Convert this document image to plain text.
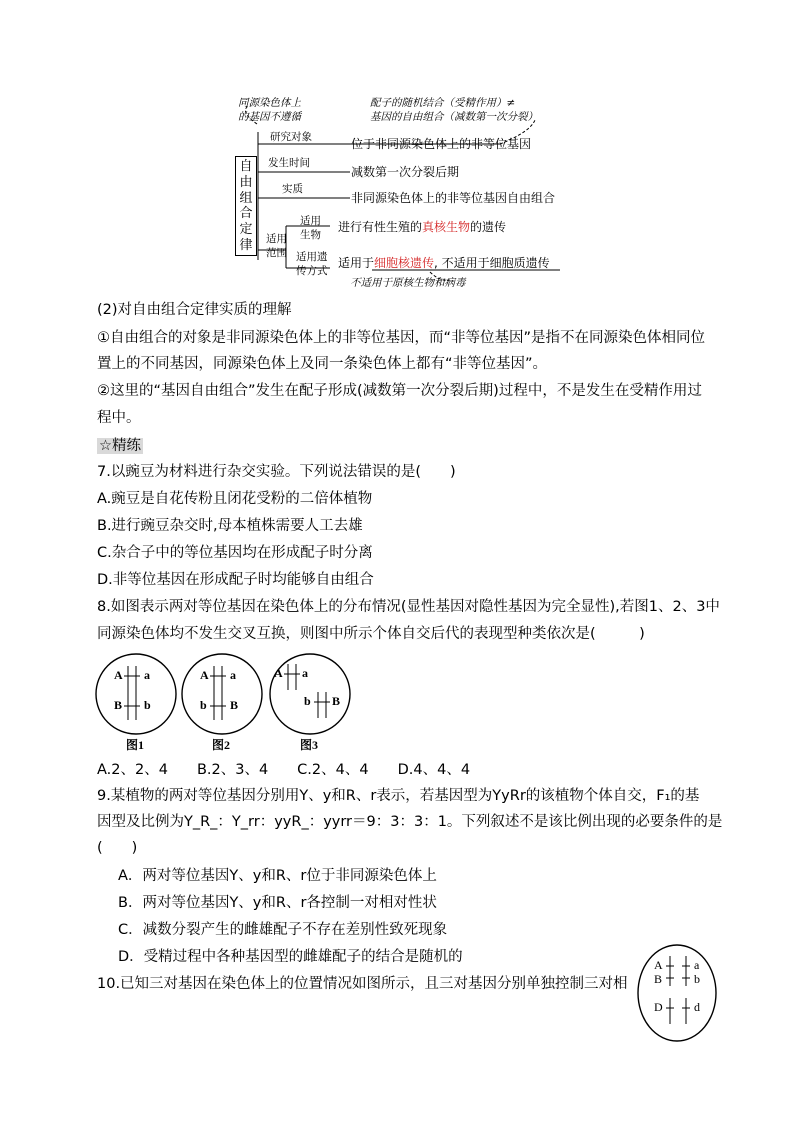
自
由
组
合
定
律
同源染色体上
的基因不遵循
配子的随机结合（受精作用）≠
基因的自由组合（减数第一次分裂）
研究对象	位于非同源染色体上的非等位基因
发生时间
减数第一次分裂后期
实质
非同源染色体上的非等位基因自由组合
适用
范围
适用
生物
进行有性生殖的真核生物的遗传
适用遗
传方式
适用于细胞核遗传, 不适用于细胞质遗传
不适用于原核生物和病毒
(2)对自由组合定律实质的理解
①自由组合的对象是非同源染色体上的非等位基因，而“非等位基因”是指不在同源染色体相同位
置上的不同基因，同源染色体上及同一条染色体上都有“非等位基因”。
②这里的“基因自由组合”发生在配子形成(减数第一次分裂后期)过程中，不是发生在受精作用过
程中。
☆精练
7.以豌豆为材料进行杂交实验。下列说法错误的是(　　)
A.豌豆是自花传粉且闭花受粉的二倍体植物
B.进行豌豆杂交时,母本植株需要人工去雄
C.杂合子中的等位基因均在形成配子时分离
D.非等位基因在形成配子时均能够自由组合
8.如图表示两对等位基因在染色体上的分布情况(显性基因对隐性基因为完全显性),若图1、2、3中
同源染色体均不发生交叉互换，则图中所示个体自交后代的表现型种类依次是(　　　)
A
B
a
b
图1
A
b
a
B
图2
A a
b B
图3
A.2、2、4　　B.2、3、4　　C.2、4、4　　D.4、4、4
9.某植物的两对等位基因分别用Y、y和R、r表示，若基因型为YyRr的该植物个体自交，F₁的基
因型及比例为Y_R_：Y_rr：yyR_：yyrr＝9：3：3：1。下列叙述不是该比例出现的必要条件的是
(　　)
A．两对等位基因Y、y和R、r位于非同源染色体上
B．两对等位基因Y、y和R、r各控制一对相对性状
C．减数分裂产生的雌雄配子不存在差别性致死现象
D．受精过程中各种基因型的雌雄配子的结合是随机的
10.已知三对基因在染色体上的位置情况如图所示，且三对基因分别单独控制三对相
A
B
a
b
D	d
